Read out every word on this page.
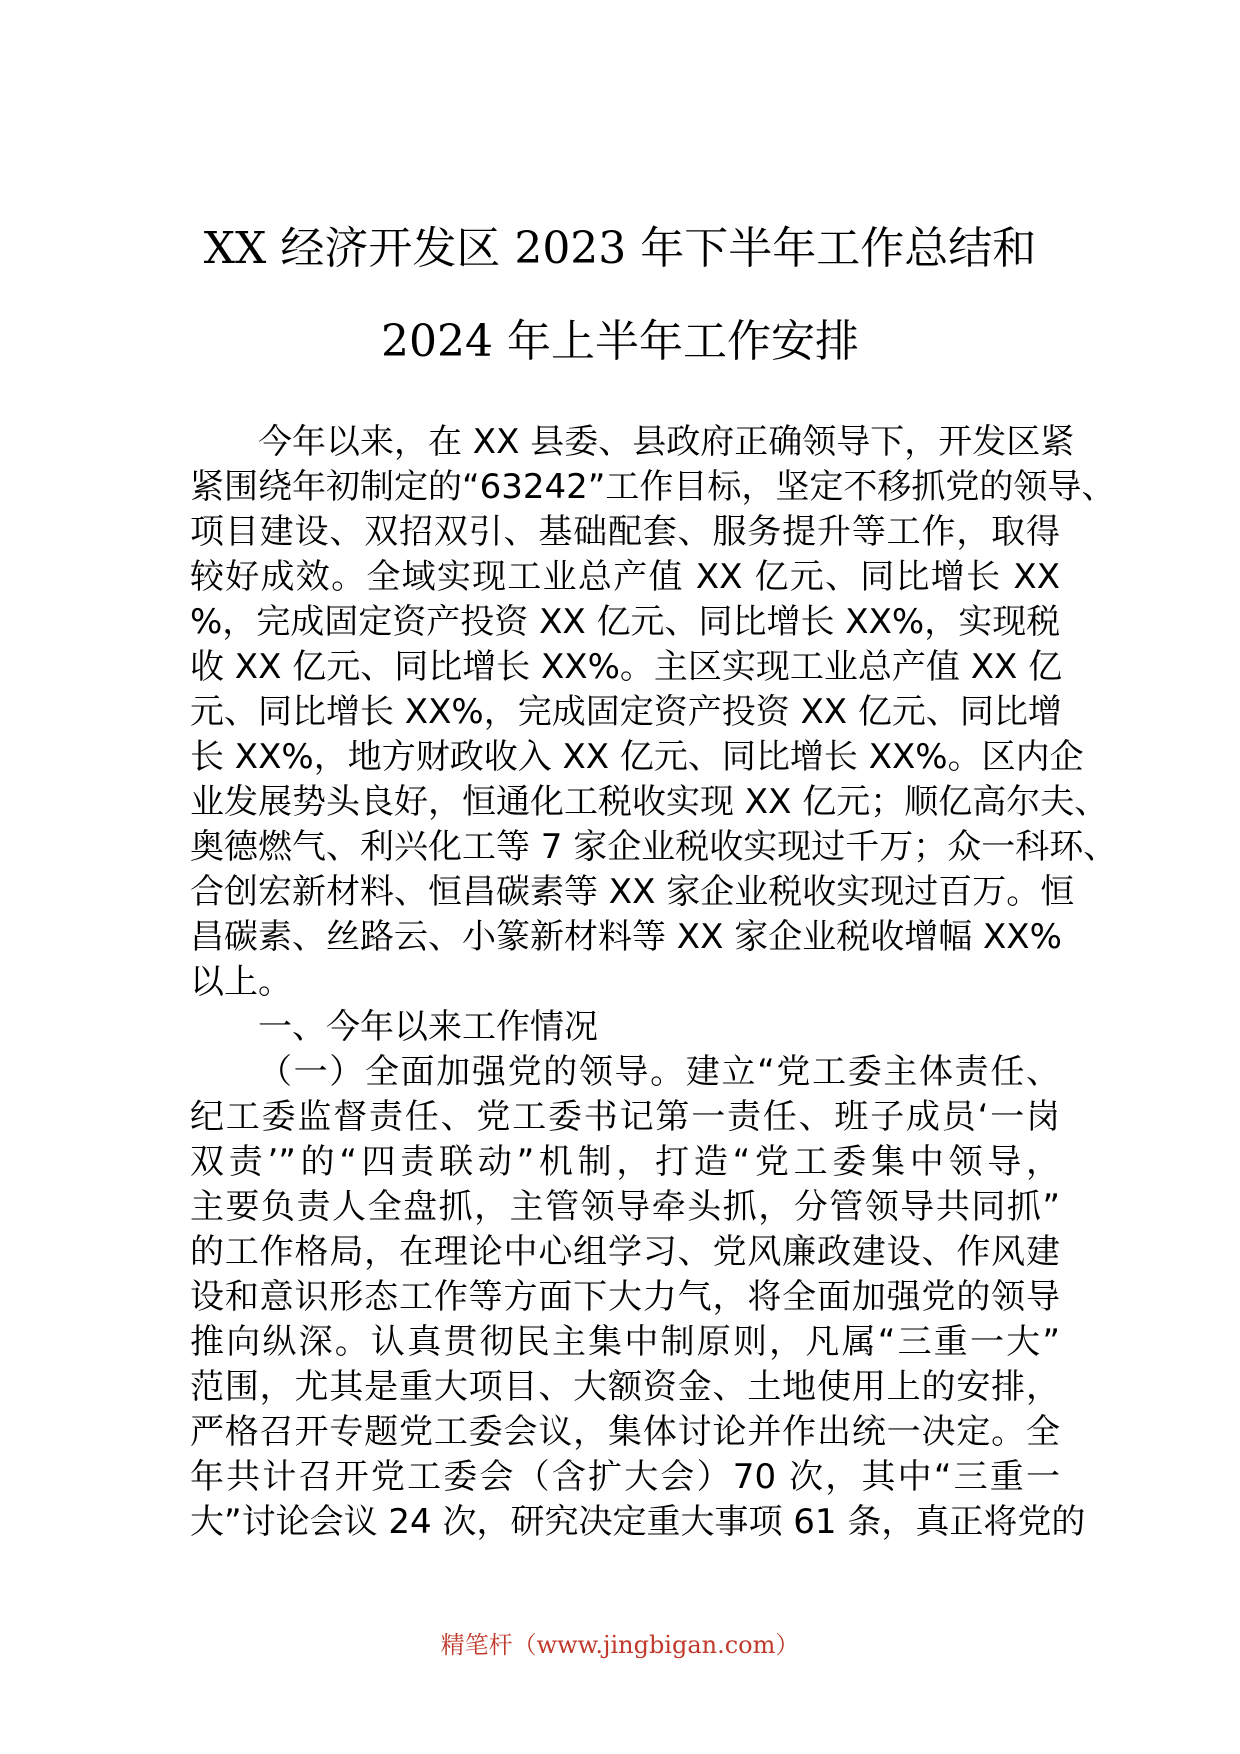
XX 经济开发区 2023 年下半年工作总结和
2024 年上半年工作安排
今年以来，在 XX 县委、县政府正确领导下，开发区紧
紧围绕年初制定的“63242”工作目标，坚定不移抓党的领导、
项目建设、双招双引、基础配套、服务提升等工作，取得
较好成效。全域实现工业总产值 XX 亿元、同比增长 XX
%，完成固定资产投资 XX 亿元、同比增长 XX%，实现税
收 XX 亿元、同比增长 XX%。主区实现工业总产值 XX 亿
元、同比增长 XX%，完成固定资产投资 XX 亿元、同比增
长 XX%，地方财政收入 XX 亿元、同比增长 XX%。区内企
业发展势头良好，恒通化工税收实现 XX 亿元；顺亿高尔夫、
奥德燃气、利兴化工等 7 家企业税收实现过千万；众一科环、
合创宏新材料、恒昌碳素等 XX 家企业税收实现过百万。恒
昌碳素、丝路云、小篆新材料等 XX 家企业税收增幅 XX%
以上。
一、今年以来工作情况
（一）全面加强党的领导。建立“党工委主体责任、
纪工委监督责任、党工委书记第一责任、班子成员‘一岗
双责’”的“四责联动”机制，打造“党工委集中领导，
主要负责人全盘抓，主管领导牵头抓，分管领导共同抓”
的工作格局，在理论中心组学习、党风廉政建设、作风建
设和意识形态工作等方面下大力气，将全面加强党的领导
推向纵深。认真贯彻民主集中制原则，凡属“三重一大”
范围，尤其是重大项目、大额资金、土地使用上的安排，
严格召开专题党工委会议，集体讨论并作出统一决定。全
年共计召开党工委会（含扩大会）70 次，其中“三重一
大”讨论会议 24 次，研究决定重大事项 61 条，真正将党的
精笔杆（www.jingbigan.com）
